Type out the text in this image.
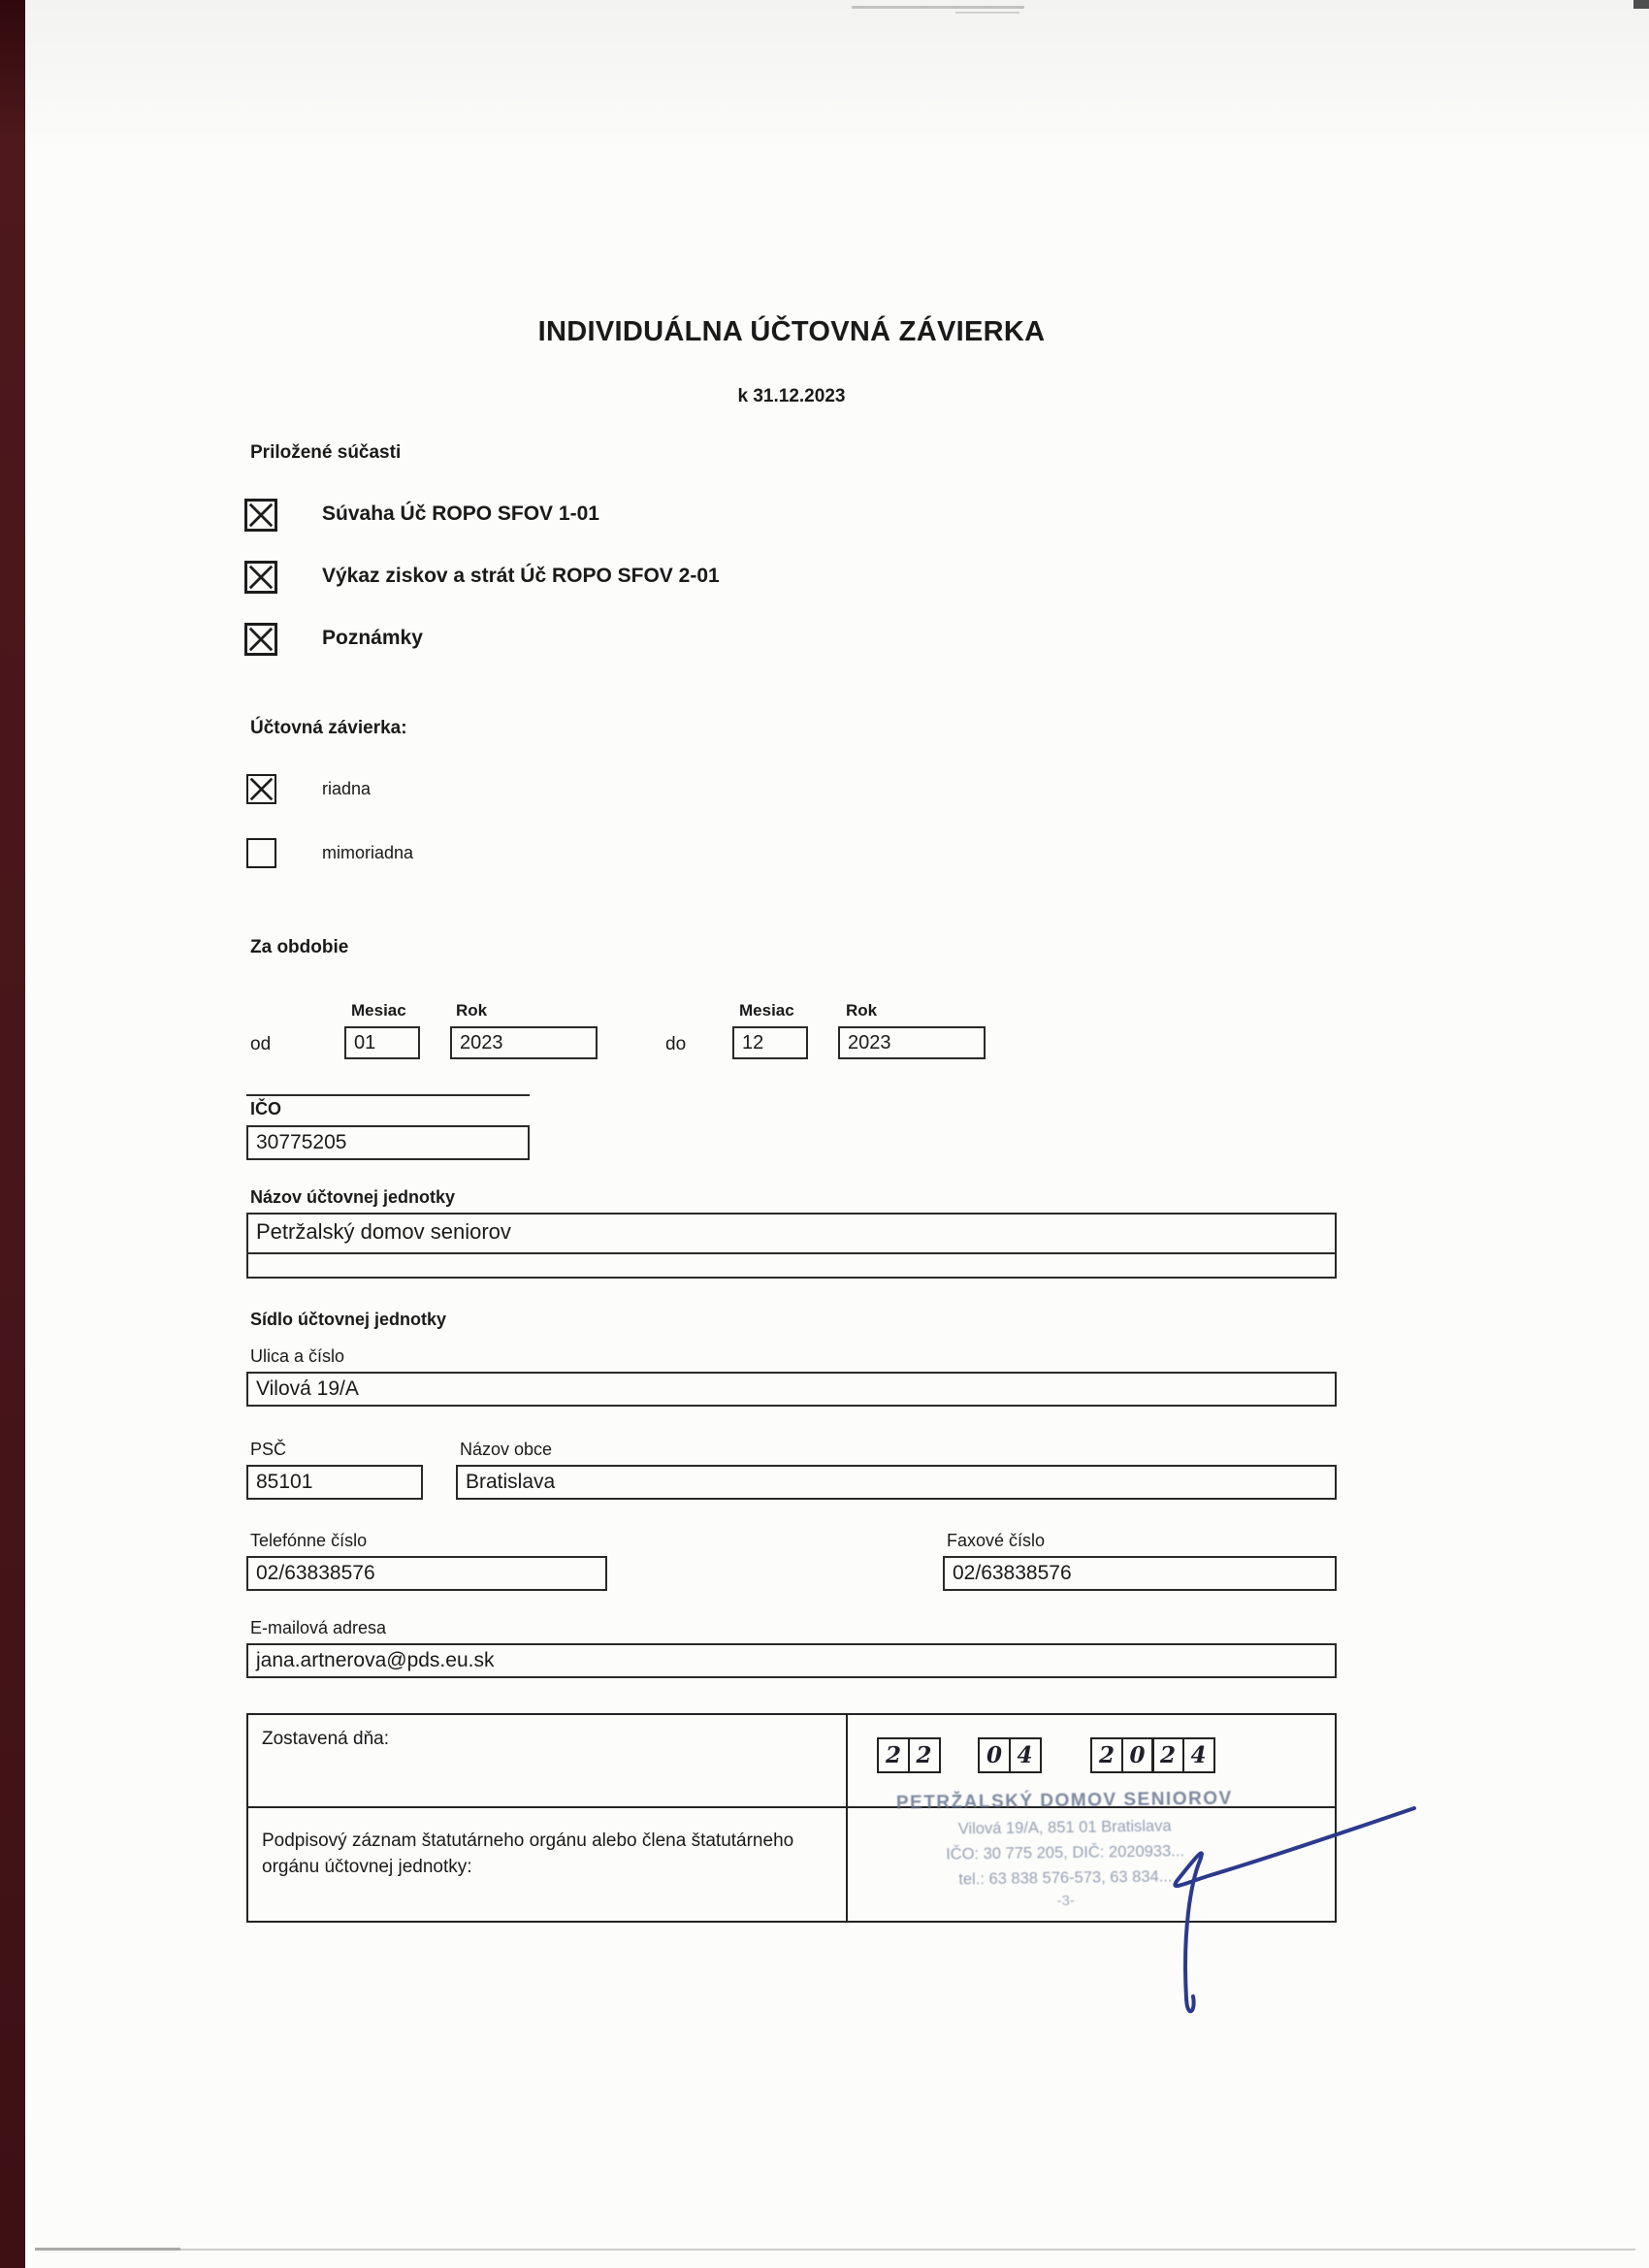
INDIVIDUÁLNA ÚČTOVNÁ ZÁVIERKA
k 31.12.2023
Priložené súčasti
Súvaha Úč ROPO SFOV 1-01
Výkaz ziskov a strát Úč ROPO SFOV 2-01
Poznámky
Účtovná závierka:
riadna
mimoriadna
Za obdobie
Mesiac	Rok	Mesiac	Rok
od	01	2023	do	12	2023
IČO
30775205
Názov účtovnej jednotky
Petržalský domov seniorov
Sídlo účtovnej jednotky
Ulica a číslo
Vilová 19/A
PSČ	Názov obce
85101	Bratislava
Telefónne číslo	Faxové číslo
02/63838576	02/63838576
E-mailová adresa
jana.artnerova@pds.eu.sk
Zostavená dňa:
2 2	0 4	2 0 2 4
Podpisový záznam štatutárneho orgánu alebo člena štatutárneho orgánu účtovnej jednotky:
PETRŽALSKÝ DOMOV SENIOROV
Vilová 19/A, 851 01 Bratislava
IČO: 30 775 205, DIČ: 2020933...
tel.: 63 838 576-573, 63 834...
-3-
